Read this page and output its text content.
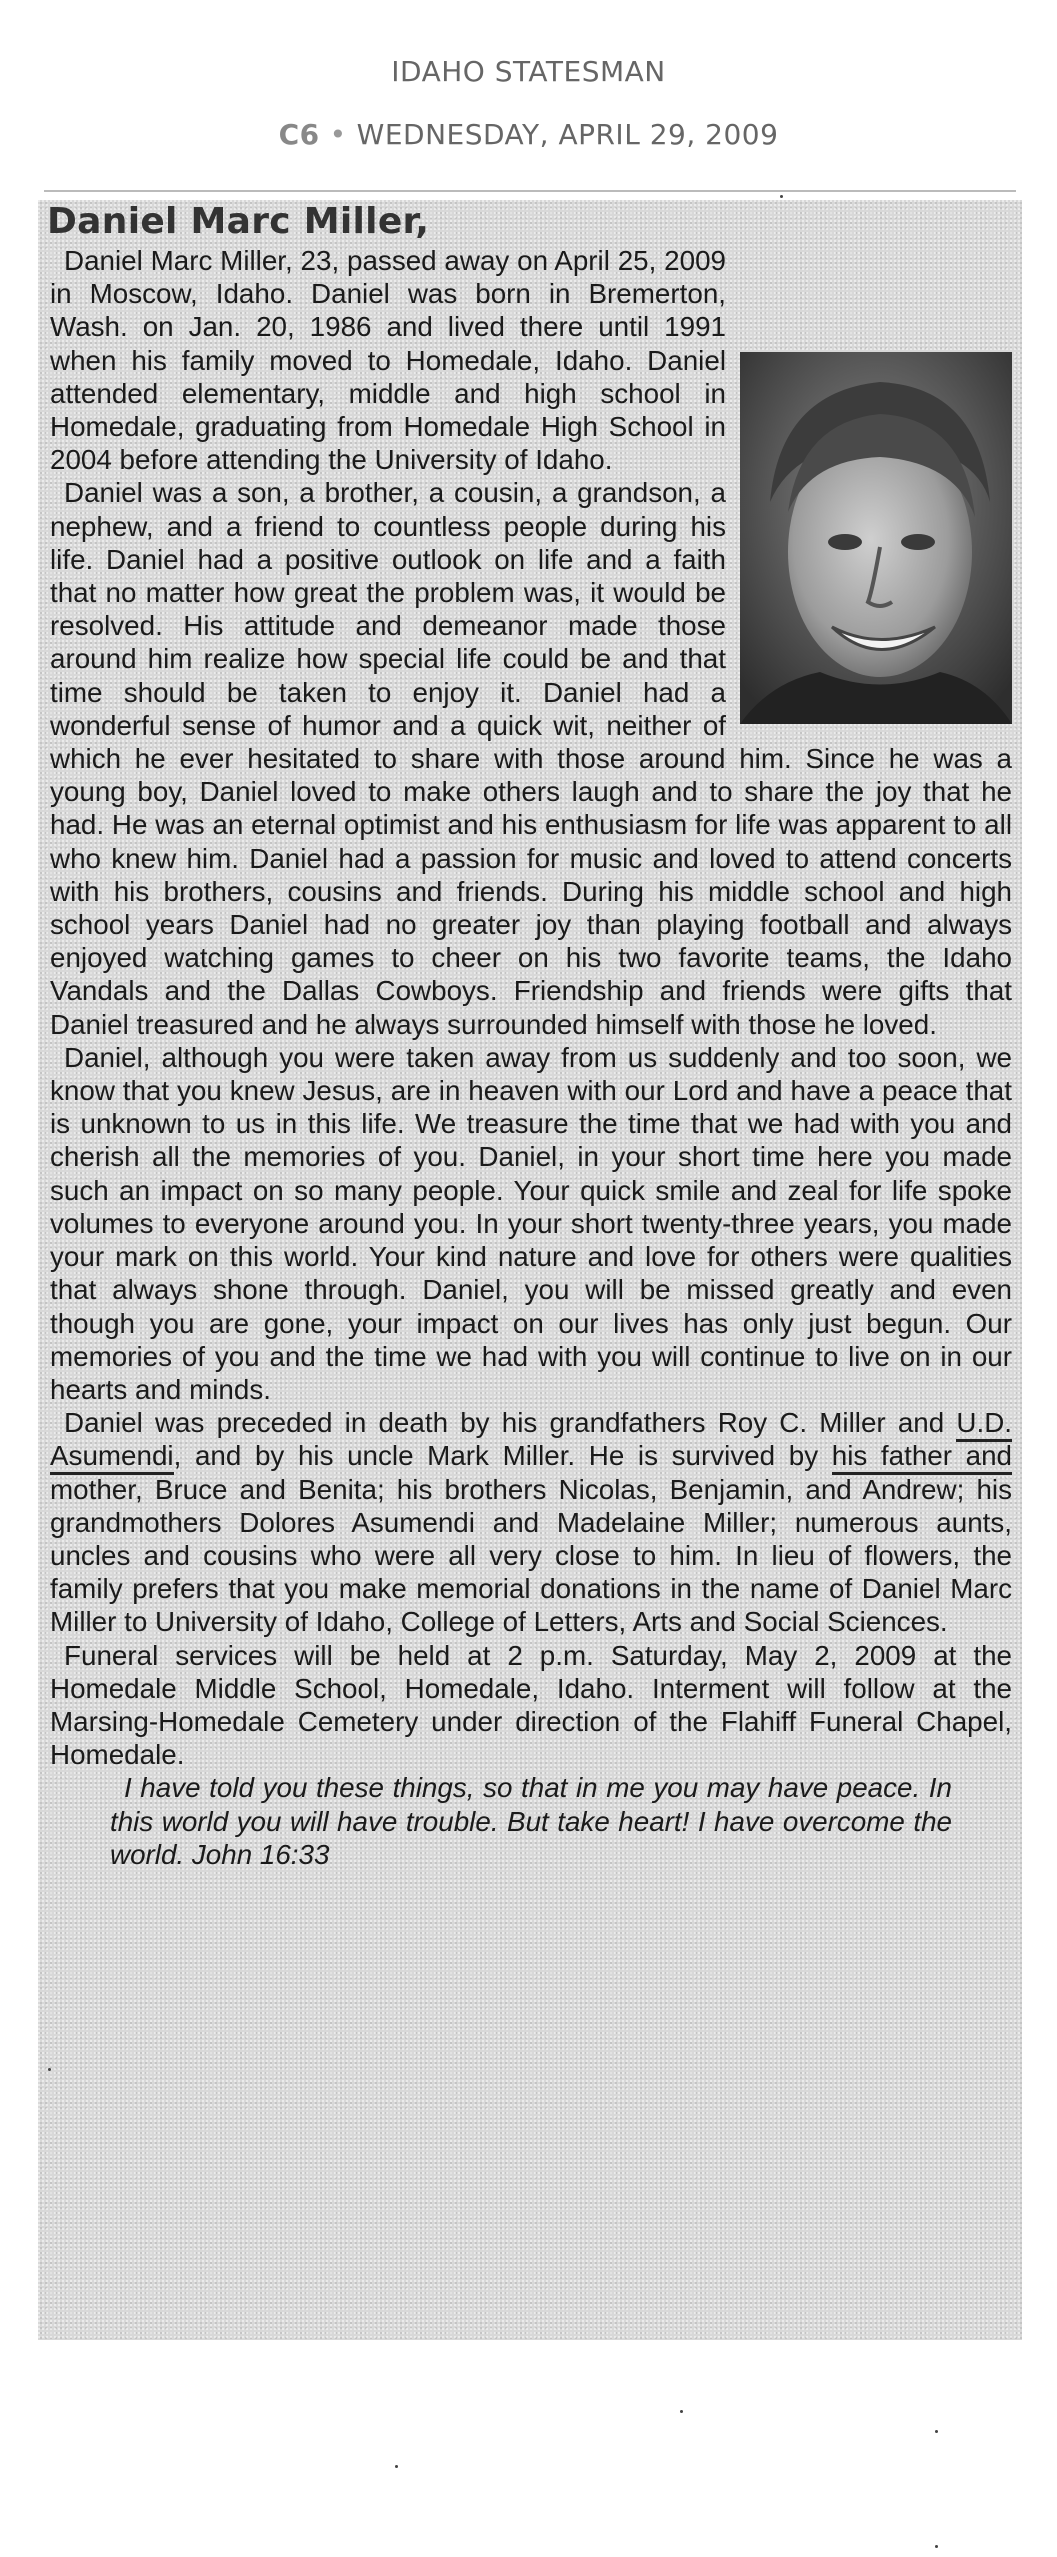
IDAHO STATESMAN
C6 • WEDNESDAY, APRIL 29, 2009
Daniel Marc Miller,

Daniel Marc Miller, 23, passed away on April 25, 2009 in Moscow, Idaho. Daniel was born in Bremerton, Wash. on Jan. 20, 1986 and lived there until 1991 when his family moved to Homedale, Idaho. Daniel attended elementary, middle and high school in Homedale, graduating from Homedale High School in 2004 before attending the University of Idaho.

Daniel was a son, a brother, a cousin, a grandson, a nephew, and a friend to countless people during his life. Daniel had a positive outlook on life and a faith that no matter how great the problem was, it would be resolved. His attitude and demeanor made those around him realize how special life could be and that time should be taken to enjoy it. Daniel had a wonderful sense of humor and a quick wit, neither of which he ever hesitated to share with those around him. Since he was a young boy, Daniel loved to make others laugh and to share the joy that he had. He was an eternal optimist and his enthusiasm for life was apparent to all who knew him. Daniel had a passion for music and loved to attend concerts with his brothers, cousins and friends. During his middle school and high school years Daniel had no greater joy than playing football and always enjoyed watching games to cheer on his two favorite teams, the Idaho Vandals and the Dallas Cowboys. Friendship and friends were gifts that Daniel treasured and he always surrounded himself with those he loved.

Daniel, although you were taken away from us suddenly and too soon, we know that you knew Jesus, are in heaven with our Lord and have a peace that is unknown to us in this life. We treasure the time that we had with you and cherish all the memories of you. Daniel, in your short time here you made such an impact on so many people. Your quick smile and zeal for life spoke volumes to everyone around you. In your short twenty-three years, you made your mark on this world. Your kind nature and love for others were qualities that always shone through. Daniel, you will be missed greatly and even though you are gone, your impact on our lives has only just begun. Our memories of you and the time we had with you will continue to live on in our hearts and minds.

Daniel was preceded in death by his grandfathers Roy C. Miller and U.D. Asumendi, and by his uncle Mark Miller. He is survived by his father and mother, Bruce and Benita; his brothers Nicolas, Benjamin, and Andrew; his grandmothers Dolores Asumendi and Madelaine Miller; numerous aunts, uncles and cousins who were all very close to him. In lieu of flowers, the family prefers that you make memorial donations in the name of Daniel Marc Miller to University of Idaho, College of Letters, Arts and Social Sciences.

Funeral services will be held at 2 p.m. Saturday, May 2, 2009 at the Homedale Middle School, Homedale, Idaho. Interment will follow at the Marsing-Homedale Cemetery under direction of the Flahiff Funeral Chapel, Homedale.

I have told you these things, so that in me you may have peace. In this world you will have trouble. But take heart! I have overcome the world. John 16:33
